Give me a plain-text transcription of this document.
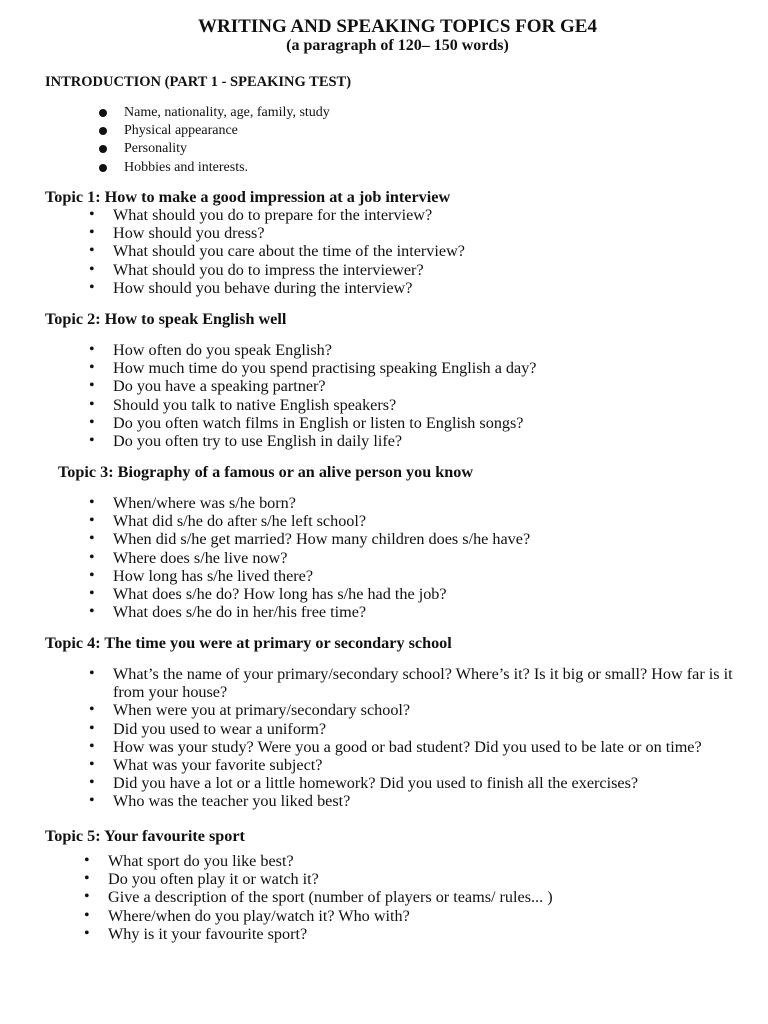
WRITING AND SPEAKING TOPICS FOR GE4
(a paragraph of 120– 150 words)
INTRODUCTION (PART 1 - SPEAKING TEST)
Name, nationality, age, family, study
Physical appearance
Personality
Hobbies and interests.
Topic 1: How to make a good impression at a job interview
• What should you do to prepare for the interview?
• How should you dress?
• What should you care about the time of the interview?
• What should you do to impress the interviewer?
• How should you behave during the interview?
Topic 2: How to speak English well
• How often do you speak English?
• How much time do you spend practising speaking English a day?
• Do you have a speaking partner?
• Should you talk to native English speakers?
• Do you often watch films in English or listen to English songs?
• Do you often try to use English in daily life?
Topic 3: Biography of a famous or an alive person you know
• When/where was s/he born?
• What did s/he do after s/he left school?
• When did s/he get married? How many children does s/he have?
• Where does s/he live now?
• How long has s/he lived there?
• What does s/he do? How long has s/he had the job?
• What does s/he do in her/his free time?
Topic 4: The time you were at primary or secondary school
• What’s the name of your primary/secondary school? Where’s it? Is it big or small? How far is it from your house?
• When were you at primary/secondary school?
• Did you used to wear a uniform?
• How was your study? Were you a good or bad student? Did you used to be late or on time?
• What was your favorite subject?
• Did you have a lot or a little homework? Did you used to finish all the exercises?
• Who was the teacher you liked best?
Topic 5: Your favourite sport
• What sport do you like best?
• Do you often play it or watch it?
• Give a description of the sport (number of players or teams/ rules... )
• Where/when do you play/watch it? Who with?
• Why is it your favourite sport?
